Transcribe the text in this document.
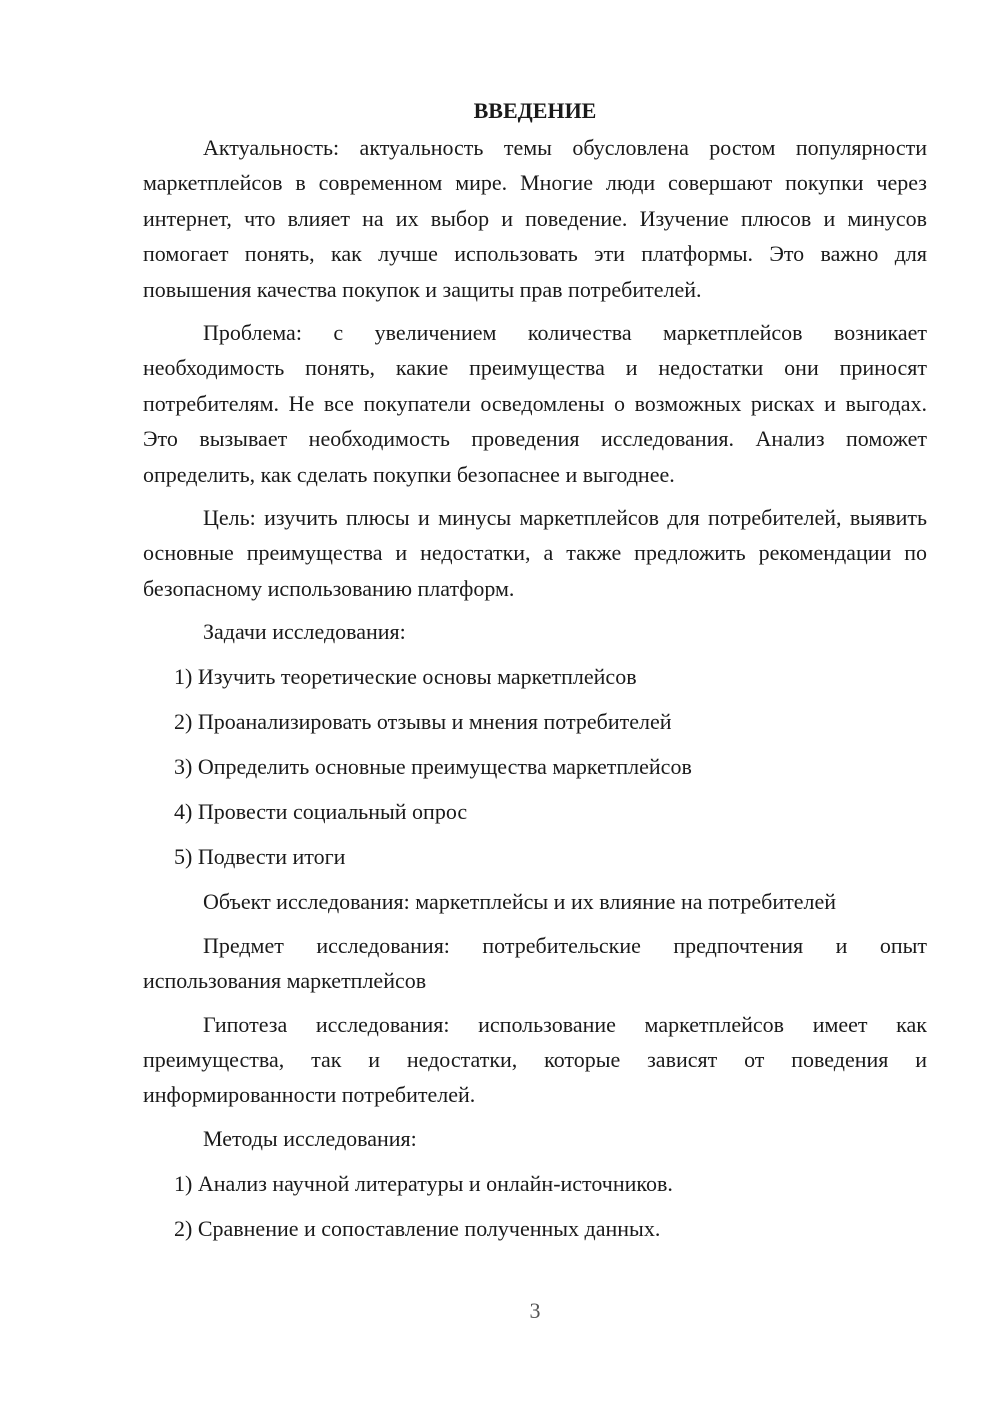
ВВЕДЕНИЕ

Актуальность: актуальность темы обусловлена ростом популярности маркетплейсов в современном мире. Многие люди совершают покупки через интернет, что влияет на их выбор и поведение. Изучение плюсов и минусов помогает понять, как лучше использовать эти платформы. Это важно для повышения качества покупок и защиты прав потребителей.

Проблема: с увеличением количества маркетплейсов возникает необходимость понять, какие преимущества и недостатки они приносят потребителям. Не все покупатели осведомлены о возможных рисках и выгодах. Это вызывает необходимость проведения исследования. Анализ поможет определить, как сделать покупки безопаснее и выгоднее.

Цель: изучить плюсы и минусы маркетплейсов для потребителей, выявить основные преимущества и недостатки, а также предложить рекомендации по безопасному использованию платформ.

Задачи исследования:

1) Изучить теоретические основы маркетплейсов

2) Проанализировать отзывы и мнения потребителей

3) Определить основные преимущества маркетплейсов

4) Провести социальный опрос

5) Подвести итоги

Объект исследования: маркетплейсы и их влияние на потребителей

Предмет исследования: потребительские предпочтения и опыт использования маркетплейсов

Гипотеза исследования: использование маркетплейсов имеет как преимущества, так и недостатки, которые зависят от поведения и информированности потребителей.

Методы исследования:

1) Анализ научной литературы и онлайн-источников.

2) Сравнение и сопоставление полученных данных.

3
